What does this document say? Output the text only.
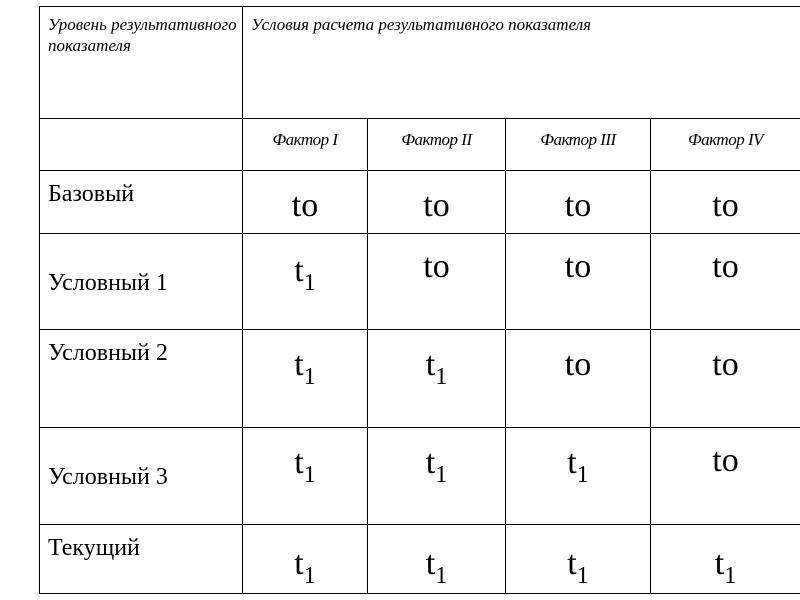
Уровень результативного показателя	Условия расчета результативного показателя			
	Фактор I	Фактор II	Фактор III	Фактор IV
Базовый	to	to	to	to
Условный 1	$t_1$	to	to	to
Условный 2	$t_1$	$t_1$	to	to
Условный 3	$t_1$	$t_1$	$t_1$	to
Текущий	$t_1$	$t_1$	$t_1$	$t_1$
